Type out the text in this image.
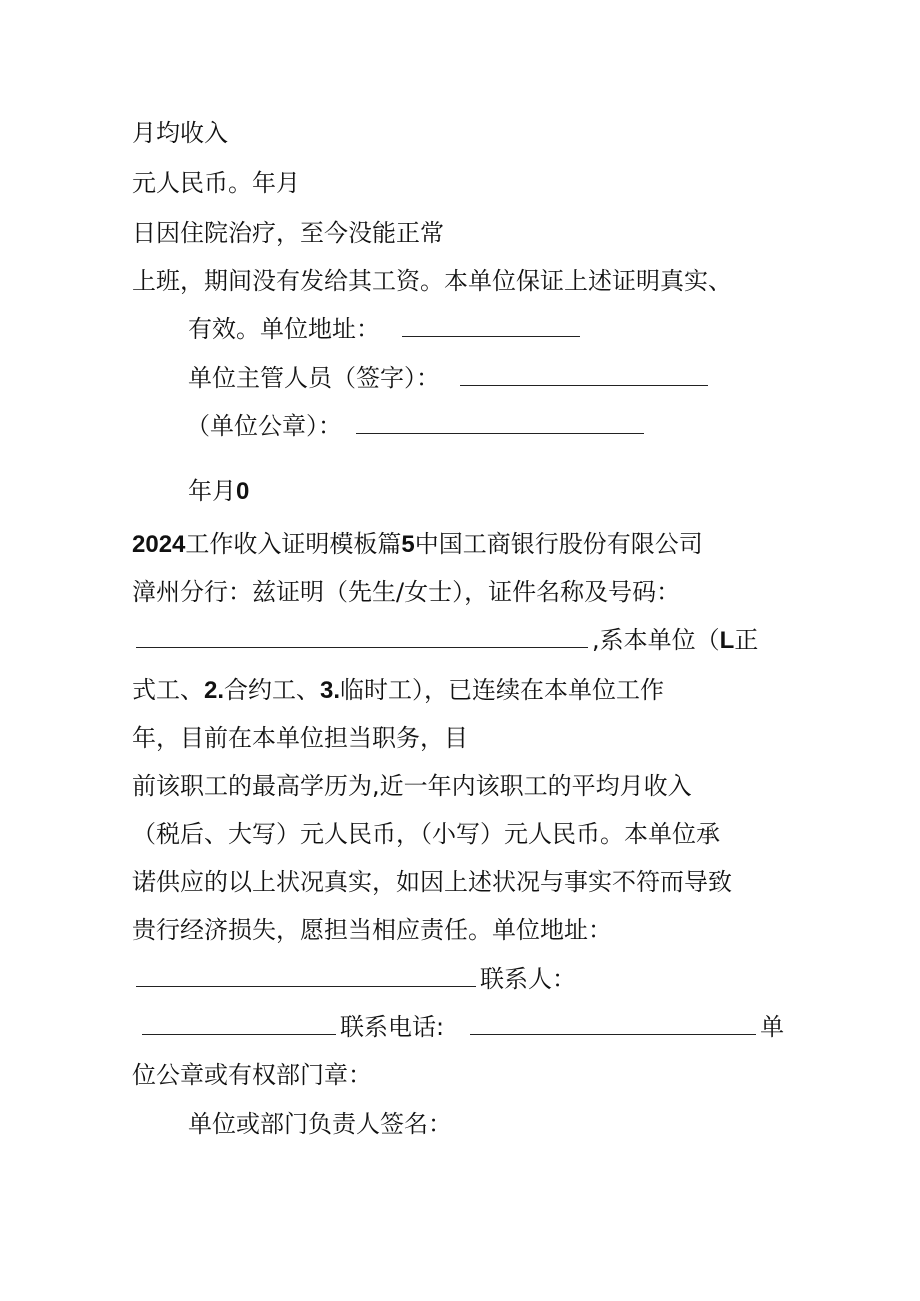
月均收入
元人民币。年月
日因住院治疗，至今没能正常
上班，期间没有发给其工资。本单位保证上述证明真实、
有效。单位地址：
单位主管人员（签字）：
（单位公章）：
年月0
2024工作收入证明模板篇5中国工商银行股份有限公司
漳州分行：兹证明（先生/女士），证件名称及号码：
,系本单位（L正
式工、2.合约工、3.临时工），已连续在本单位工作
年，目前在本单位担当职务，目
前该职工的最高学历为,近一年内该职工的平均月收入
（税后、大写）元人民币，（小写）元人民币。本单位承
诺供应的以上状况真实，如因上述状况与事实不符而导致
贵行经济损失，愿担当相应责任。单位地址：
联系人：
联系电话:	单
位公章或有权部门章：
单位或部门负责人签名：
